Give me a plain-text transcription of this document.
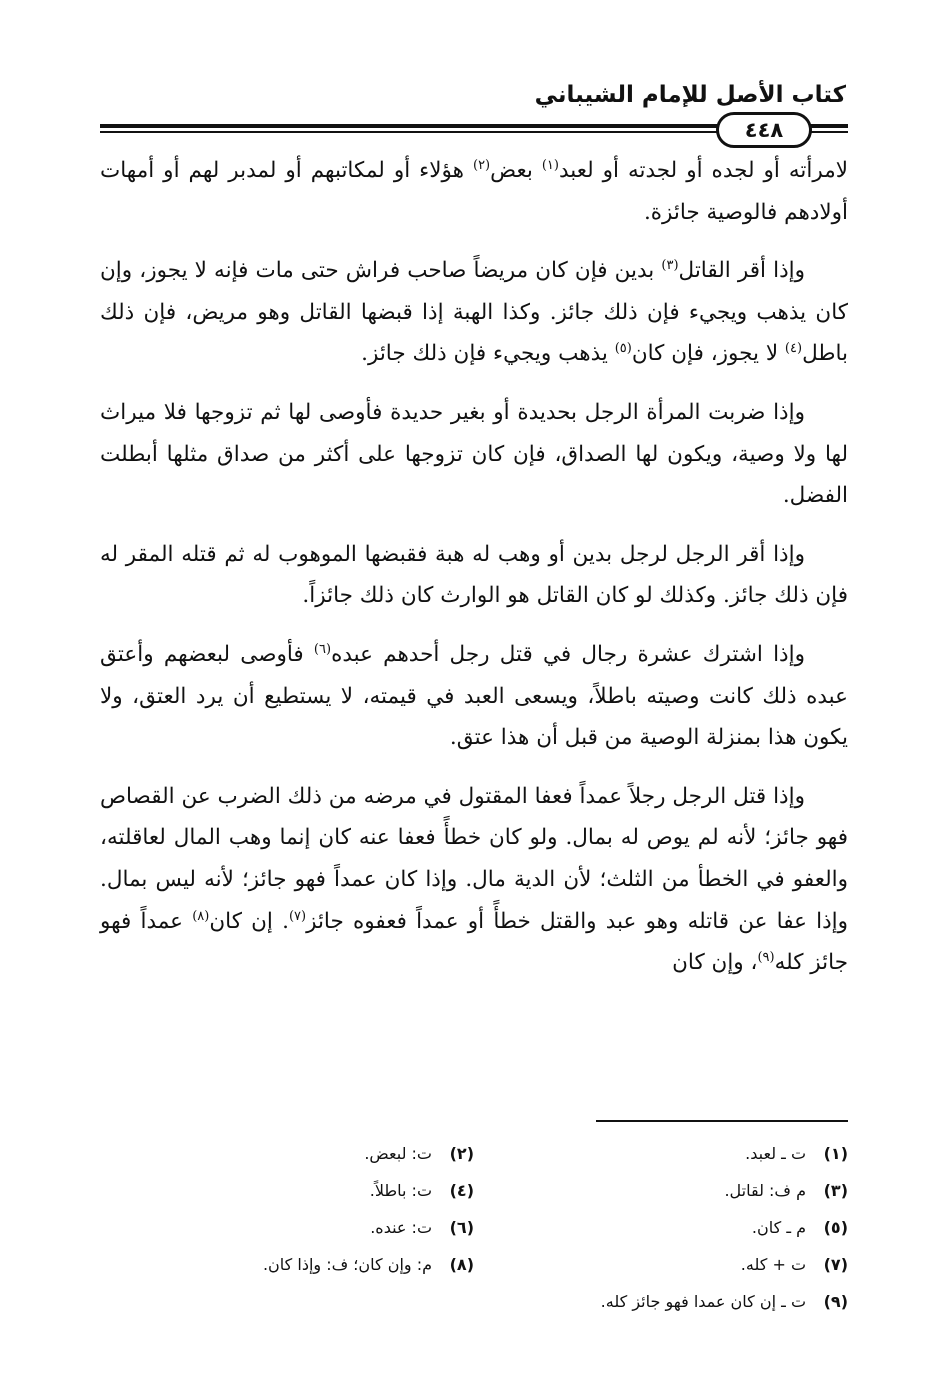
كتاب الأصل للإمام الشيباني
٤٤٨

لامرأته أو لجده أو لجدته أو لعبد$^{(١)}$ بعض$^{(٢)}$ هؤلاء أو لمكاتبهم أو لمدبر لهم أو أمهات أولادهم فالوصية جائزة.

وإذا أقر القاتل$^{(٣)}$ بدين فإن كان مريضاً صاحب فراش حتى مات فإنه لا يجوز، وإن كان يذهب ويجيء فإن ذلك جائز. وكذا الهبة إذا قبضها القاتل وهو مريض، فإن ذلك باطل$^{(٤)}$ لا يجوز، فإن كان$^{(٥)}$ يذهب ويجيء فإن ذلك جائز.

وإذا ضربت المرأة الرجل بحديدة أو بغير حديدة فأوصى لها ثم تزوجها فلا ميراث لها ولا وصية، ويكون لها الصداق، فإن كان تزوجها على أكثر من صداق مثلها أبطلت الفضل.

وإذا أقر الرجل لرجل بدين أو وهب له هبة فقبضها الموهوب له ثم قتله المقر له فإن ذلك جائز. وكذلك لو كان القاتل هو الوارث كان ذلك جائزاً.

وإذا اشترك عشرة رجال في قتل رجل أحدهم عبده$^{(٦)}$ فأوصى لبعضهم وأعتق عبده ذلك كانت وصيته باطلاً، ويسعى العبد في قيمته، لا يستطيع أن يرد العتق، ولا يكون هذا بمنزلة الوصية من قبل أن هذا عتق.

وإذا قتل الرجل رجلاً عمداً فعفا المقتول في مرضه من ذلك الضرب عن القصاص فهو جائز؛ لأنه لم يوص له بمال. ولو كان خطأً فعفا عنه كان إنما وهب المال لعاقلته، والعفو في الخطأ من الثلث؛ لأن الدية مال. وإذا كان عمداً فهو جائز؛ لأنه ليس بمال. وإذا عفا عن قاتله وهو عبد والقتل خطأً أو عمداً فعفوه جائز$^{(٧)}$. إن كان$^{(٨)}$ عمداً فهو جائز كله$^{(٩)}$، وإن كان

(١)ت ـ لعبد.
(٢)ت: لبعض.
(٣)م ف: لقاتل.
(٤)ت: باطلاً.
(٥)م ـ كان.
(٦)ت: عنده.
(٧)ت + كله.
(٨)م: وإن كان؛ ف: وإذا كان.
(٩)ت ـ إن كان عمدا فهو جائز كله.
